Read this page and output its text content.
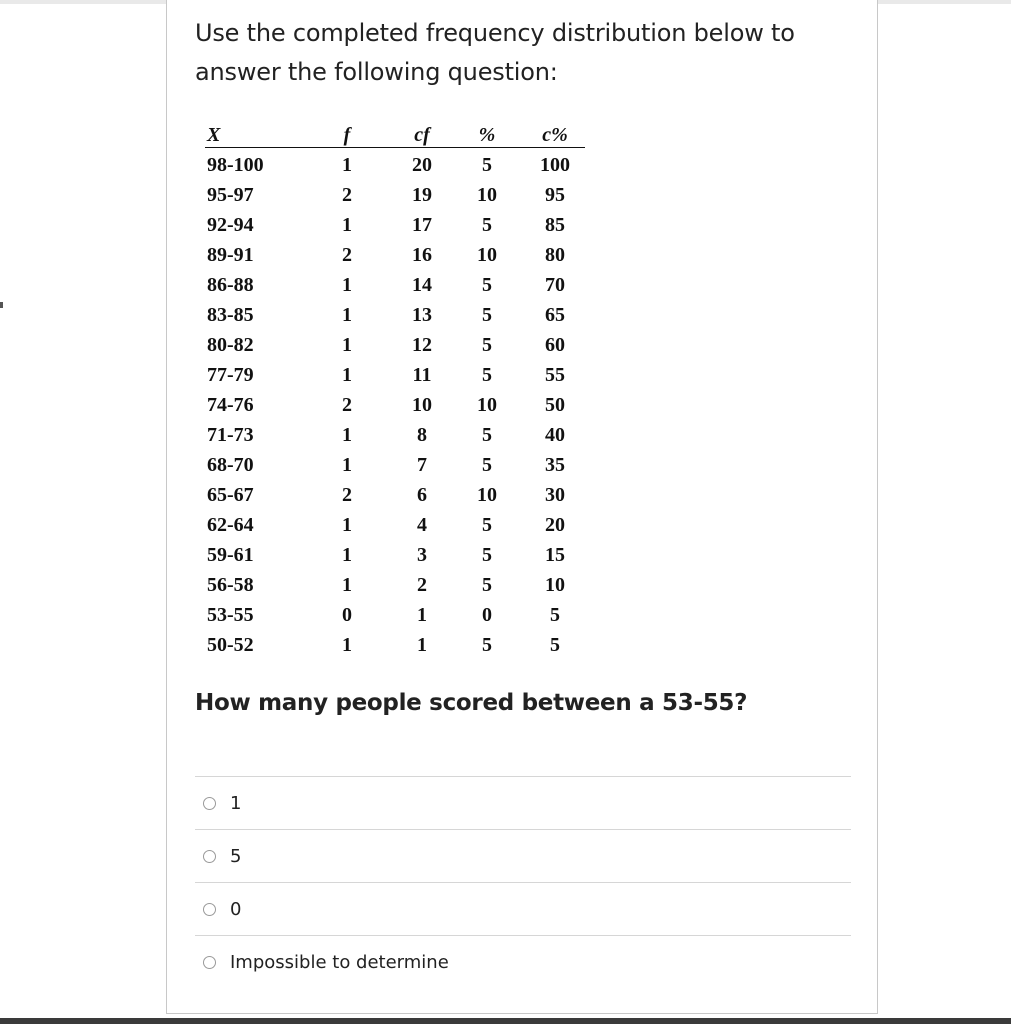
Use the completed frequency distribution below to answer the following question:
X	f	cf	%	c%
98-100	1	20	5	100
95-97	2	19	10	95
92-94	1	17	5	85
89-91	2	16	10	80
86-88	1	14	5	70
83-85	1	13	5	65
80-82	1	12	5	60
77-79	1	11	5	55
74-76	2	10	10	50
71-73	1	8	5	40
68-70	1	7	5	35
65-67	2	6	10	30
62-64	1	4	5	20
59-61	1	3	5	15
56-58	1	2	5	10
53-55	0	1	0	5
50-52	1	1	5	5
How many people scored between a 53-55?
1
5
0
Impossible to determine
